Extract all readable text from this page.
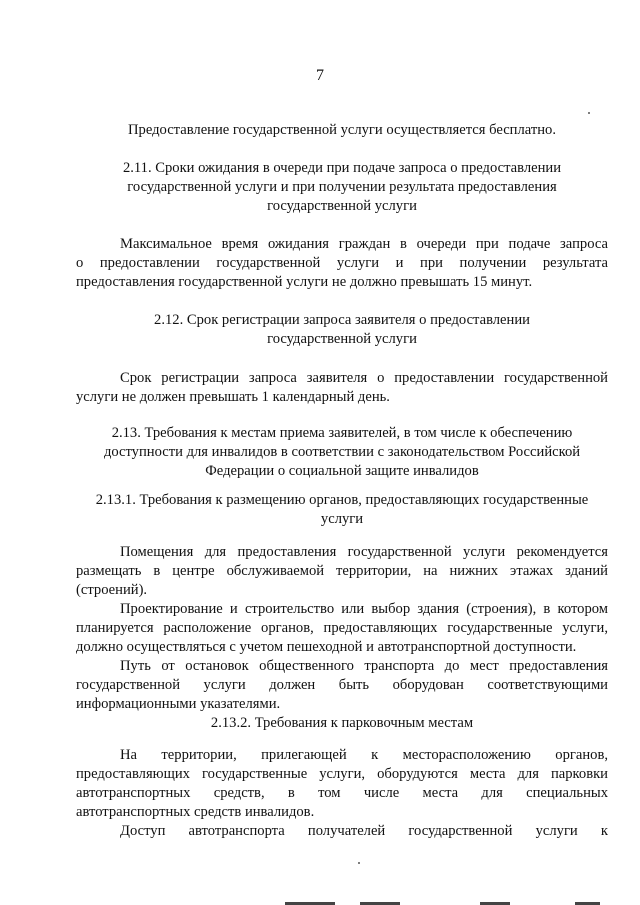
7
Предоставление государственной услуги осуществляется бесплатно.
2.11. Сроки ожидания в очереди при подаче запроса о предоставлении
государственной услуги и при получении результата предоставления
государственной услуги
Максимальное время ожидания граждан в очереди при подаче запроса
о предоставлении государственной услуги и при получении результата
предоставления государственной услуги не должно превышать 15 минут.
2.12. Срок регистрации запроса заявителя о предоставлении
государственной услуги
Срок регистрации запроса заявителя о предоставлении государственной
услуги не должен превышать 1 календарный день.
2.13. Требования к местам приема заявителей, в том числе к обеспечению
доступности для инвалидов в соответствии с законодательством Российской
Федерации о социальной защите инвалидов
2.13.1. Требования к размещению органов, предоставляющих государственные
услуги
Помещения для предоставления государственной услуги рекомендуется
размещать в центре обслуживаемой территории, на нижних этажах зданий
(строений).
Проектирование и строительство или выбор здания (строения), в котором
планируется расположение органов, предоставляющих государственные услуги,
должно осуществляться с учетом пешеходной и автотранспортной доступности.
Путь от остановок общественного транспорта до мест предоставления
государственной услуги должен быть оборудован соответствующими
информационными указателями.
2.13.2. Требования к парковочным местам
На территории, прилегающей к месторасположению органов,
предоставляющих государственные услуги, оборудуются места для парковки
автотранспортных средств, в том числе места для специальных
автотранспортных средств инвалидов.
Доступ автотранспорта получателей государственной услуги к
